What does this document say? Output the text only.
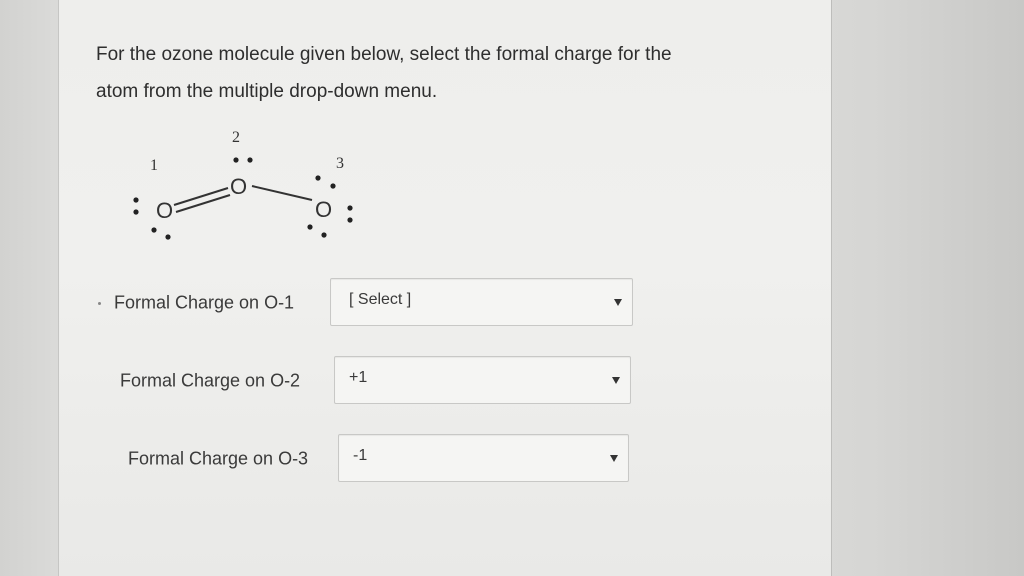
For the ozone molecule given below, select the formal charge for the
atom from the multiple drop-down menu.
1
2
3
O
O
O
Formal Charge on O-1	[ Select ]
Formal Charge on O-2	+1
Formal Charge on O-3	-1
